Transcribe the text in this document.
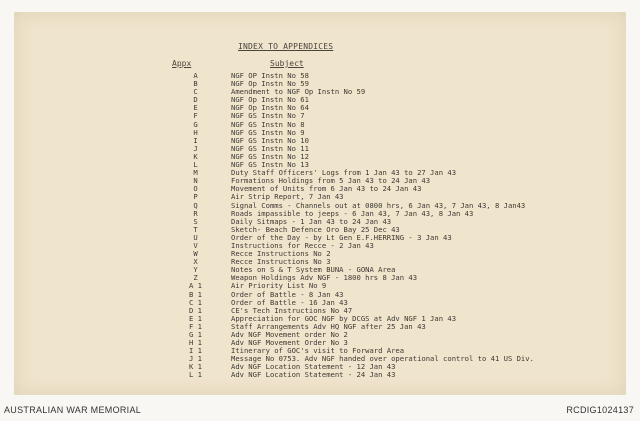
INDEX TO APPENDICES
Appx	Subject
A	NGF OP Instn No 58
B	NGF Op Instn No 59
C	Amendment to NGF Op Instn No 59
D	NGF Op Instn No 61
E	NGF Op Instn No 64
F	NGF GS Instn No 7
G	NGF GS Instn No 8
H	NGF GS Instn No 9
I	NGF GS Instn No 10
J	NGF GS Instn No 11
K	NGF GS Instn No 12
L	NGF GS Instn No 13
M	Duty Staff Officers' Logs from 1 Jan 43 to 27 Jan 43
N	Formations Holdings from 5 Jan 43 to 24 Jan 43
O	Movement of Units from 6 Jan 43 to 24 Jan 43
P	Air Strip Report, 7 Jan 43
Q	Signal Comms - Channels out at 0800 hrs, 6 Jan 43, 7 Jan 43, 8 Jan43
R	Roads impassible to jeeps - 6 Jan 43, 7 Jan 43, 8 Jan 43
S	Daily Sitmaps - 1 Jan 43 to 24 Jan 43
T	Sketch- Beach Defence Oro Bay 25 Dec 43
U	Order of the Day - by Lt Gen E.F.HERRING - 3 Jan 43
V	Instructions for Recce - 2 Jan 43
W	Recce Instructions No 2
X	Recce Instructions No 3
Y	Notes on S & T System BUNA - GONA Area
Z	Weapon Holdings Adv NGF - 1800 hrs 8 Jan 43
A 1	Air Priority List No 9
B 1	Order of Battle - 8 Jan 43
C 1	Order of Battle - 16 Jan 43
D 1	CE's Tech Instructions No 47
E 1	Appreciation for GOC NGF by DCGS at Adv NGF 1 Jan 43
F 1	Staff Arrangements Adv HQ NGF after 25 Jan 43
G 1	Adv NGF Movement order No 2
H 1	Adv NGF Movement Order No 3
I 1	Itinerary of GOC's visit to Forward Area
J 1	Message No 0753. Adv NGF handed over operational control to 41 US Div.
K 1	Adv NGF Location Statement - 12 Jan 43
L 1	Adv NGF Location Statement - 24 Jan 43
AUSTRALIAN WAR MEMORIAL	RCDIG1024137
